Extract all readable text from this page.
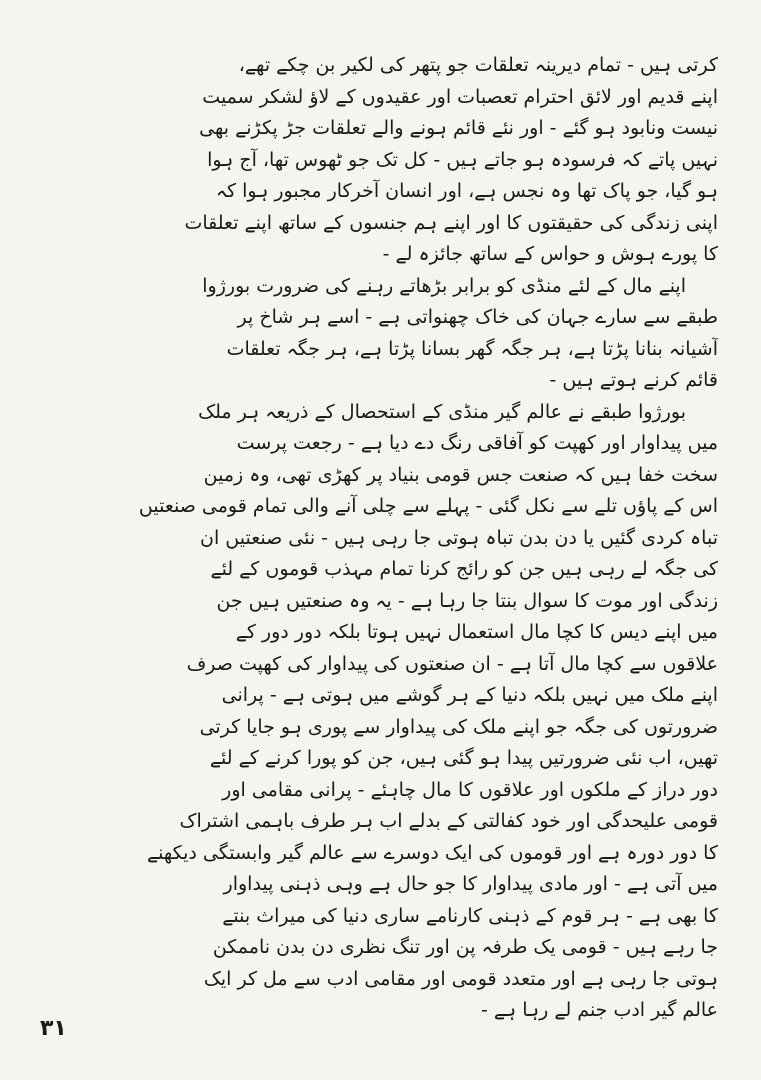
کرتی ہیں - تمام دیرینہ تعلقات جو پتھر کی لکیر بن چکے تھے،
اپنے قدیم اور لائق احترام تعصبات اور عقیدوں کے لاؤ لشکر سمیت
نیست ونابود ہو گئے - اور نئے قائم ہونے والے تعلقات جڑ پکڑنے بھی
نہیں پاتے کہ فرسودہ ہو جاتے ہیں - کل تک جو ٹھوس تھا، آج ہوا
ہو گیا، جو پاک تھا وہ نجس ہے، اور انسان آخرکار مجبور ہوا کہ
اپنی زندگی کی حقیقتوں کا اور اپنے ہم جنسوں کے ساتھ اپنے تعلقات
کا پورے ہوش و حواس کے ساتھ جائزہ لے -
اپنے مال کے لئے منڈی کو برابر بڑھاتے رہنے کی ضرورت بورژوا
طبقے سے سارے جہان کی خاک چھنواتی ہے - اسے ہر شاخ پر
آشیانہ بنانا پڑتا ہے، ہر جگہ گھر بسانا پڑتا ہے، ہر جگہ تعلقات
قائم کرنے ہوتے ہیں -
بورژوا طبقے نے عالم گیر منڈی کے استحصال کے ذریعہ ہر ملک
میں پیداوار اور کھپت کو آفاقی رنگ دے دیا ہے - رجعت پرست
سخت خفا ہیں کہ صنعت جس قومی بنیاد پر کھڑی تھی، وہ زمین
اس کے پاؤں تلے سے نکل گئی - پہلے سے چلی آنے والی تمام قومی صنعتیں
تباہ کردی گئیں یا دن بدن تباہ ہوتی جا رہی ہیں - نئی صنعتیں ان
کی جگہ لے رہی ہیں جن کو رائج کرنا تمام مہذب قوموں کے لئے
زندگی اور موت کا سوال بنتا جا رہا ہے - یہ وہ صنعتیں ہیں جن
میں اپنے دیس کا کچا مال استعمال نہیں ہوتا بلکہ دور دور کے
علاقوں سے کچا مال آتا ہے - ان صنعتوں کی پیداوار کی کھپت صرف
اپنے ملک میں نہیں بلکہ دنیا کے ہر گوشے میں ہوتی ہے - پرانی
ضرورتوں کی جگہ جو اپنے ملک کی پیداوار سے پوری ہو جایا کرتی
تھیں، اب نئی ضرورتیں پیدا ہو گئی ہیں، جن کو پورا کرنے کے لئے
دور دراز کے ملکوں اور علاقوں کا مال چاہئے - پرانی مقامی اور
قومی علیحدگی اور خود کفالتی کے بدلے اب ہر طرف باہمی اشتراک
کا دور دورہ ہے اور قوموں کی ایک دوسرے سے عالم گیر وابستگی دیکھنے
میں آتی ہے - اور مادی پیداوار کا جو حال ہے وہی ذہنی پیداوار
کا بھی ہے - ہر قوم کے ذہنی کارنامے ساری دنیا کی میراث بنتے
جا رہے ہیں - قومی یک طرفہ پن اور تنگ نظری دن بدن ناممکن
ہوتی جا رہی ہے اور متعدد قومی اور مقامی ادب سے مل کر ایک
عالم گیر ادب جنم لے رہا ہے -
۳۱
